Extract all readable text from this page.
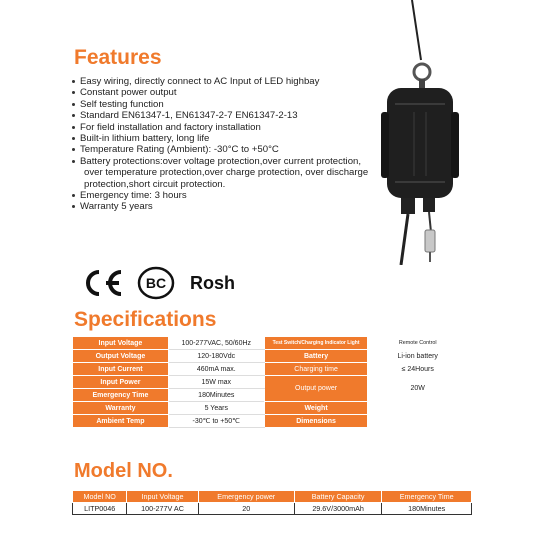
Features
Easy wiring, directly connect to AC Input of LED highbay
Constant power output
Self testing function
Standard EN61347-1, EN61347-2-7 EN61347-2-13
For field installation and factory installation
Built-in lithium battery, long life
Temperature Rating (Ambient): -30°C to +50°C
Battery protections:over voltage protection,over current protection,
over temperature protection,over charge protection, over discharge
protection,short circuit protection.
Emergency time: 3 hours
Warranty 5 years
BC Rosh
Specifications
Input Voltage	100-277VAC, 50/60Hz	Test Switch/Charging Indicator Light	Remote Control
Output Voltage	120-180Vdc	Battery	Li-ion battery
Input Current	460mA max.	Charging time	≤ 24Hours
Input Power	15W max	Output power	20W
Emergency Time	180Minutes		
Warranty	5 Years	Weight	
Ambient Temp	-30℃ to +50℃	Dimensions	
Model NO.
Model NO	Input Voltage	Emergency power	Battery Capacity	Emergency Time
LITP0046	100-277V AC	20	29.6V/3000mAh	180Minutes
